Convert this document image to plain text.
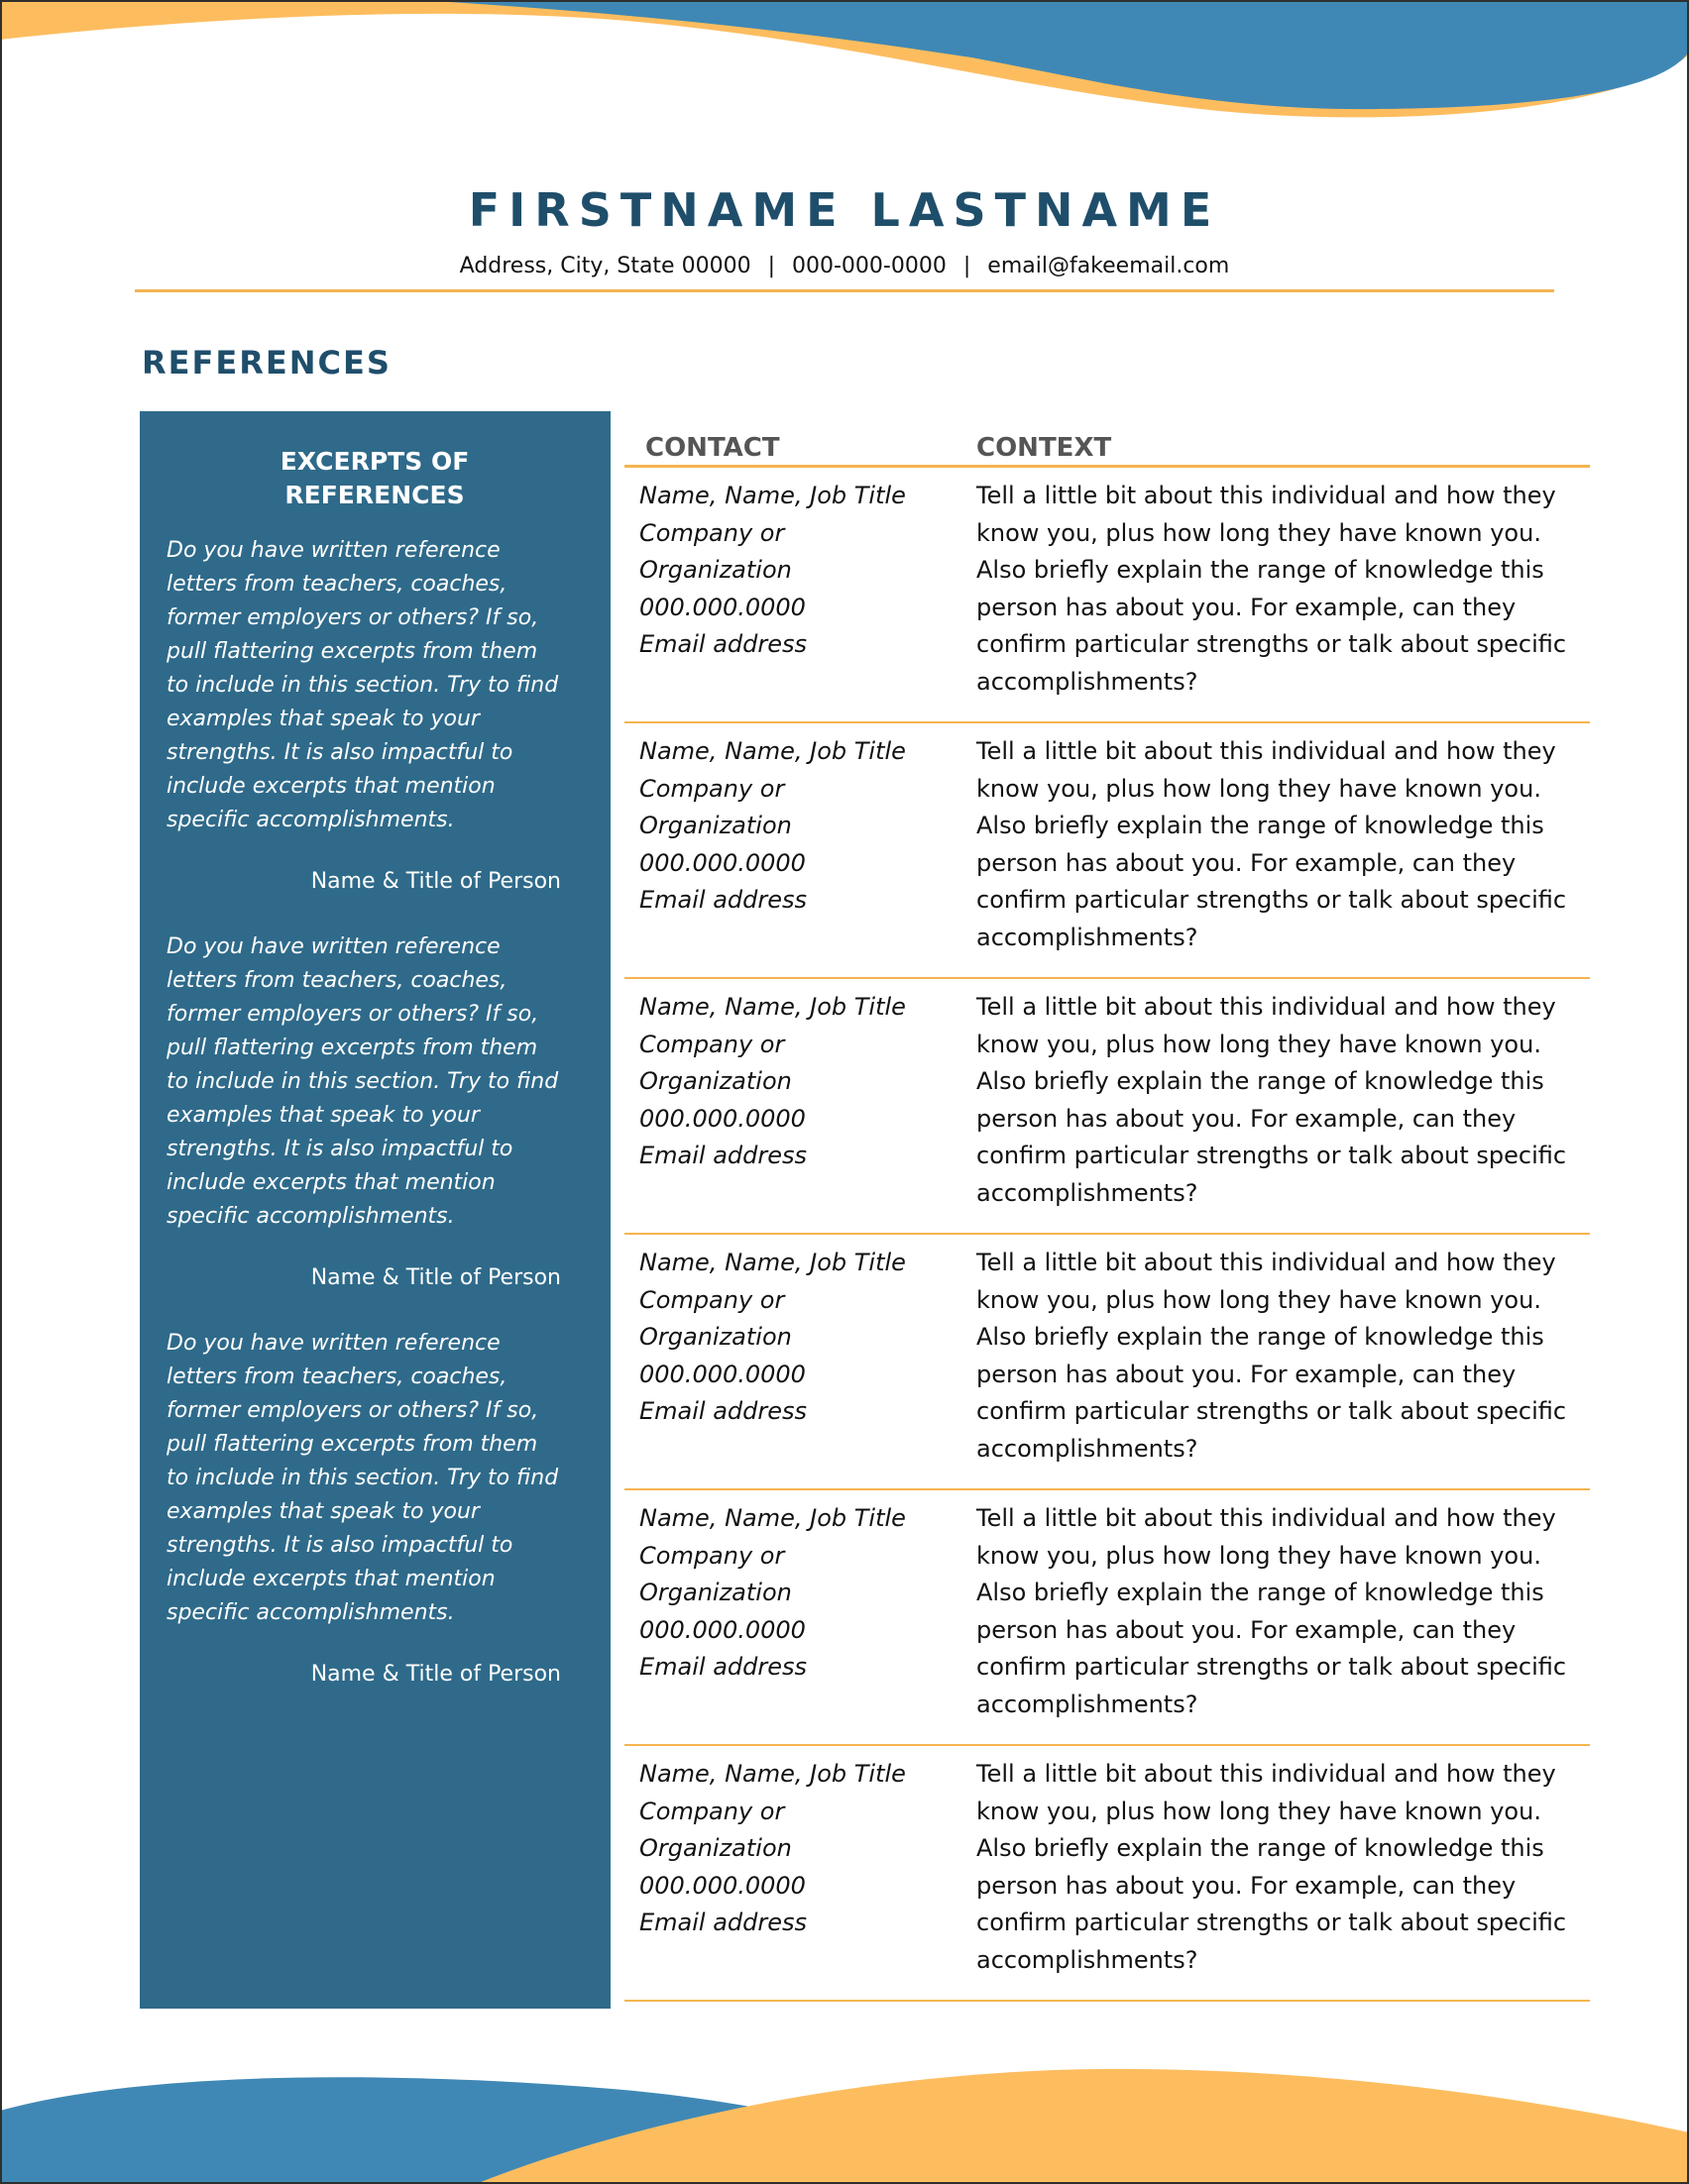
FIRSTNAME LASTNAME
Address, City, State 00000 | 000-000-0000 | email@fakeemail.com
REFERENCES
EXCERPTS OF REFERENCES
Do you have written reference letters from teachers, coaches, former employers or others? If so, pull flattering excerpts from them to include in this section. Try to find examples that speak to your strengths. It is also impactful to include excerpts that mention specific accomplishments.
Name & Title of Person
Do you have written reference letters from teachers, coaches, former employers or others? If so, pull flattering excerpts from them to include in this section. Try to find examples that speak to your strengths. It is also impactful to include excerpts that mention specific accomplishments.
Name & Title of Person
Do you have written reference letters from teachers, coaches, former employers or others? If so, pull flattering excerpts from them to include in this section. Try to find examples that speak to your strengths. It is also impactful to include excerpts that mention specific accomplishments.
Name & Title of Person
CONTACT	CONTEXT
Name, Name, Job Title
Company or
Organization
000.000.0000
Email address
Tell a little bit about this individual and how they know you, plus how long they have known you. Also briefly explain the range of knowledge this person has about you. For example, can they confirm particular strengths or talk about specific accomplishments?
Name, Name, Job Title
Company or
Organization
000.000.0000
Email address
Tell a little bit about this individual and how they know you, plus how long they have known you. Also briefly explain the range of knowledge this person has about you. For example, can they confirm particular strengths or talk about specific accomplishments?
Name, Name, Job Title
Company or
Organization
000.000.0000
Email address
Tell a little bit about this individual and how they know you, plus how long they have known you. Also briefly explain the range of knowledge this person has about you. For example, can they confirm particular strengths or talk about specific accomplishments?
Name, Name, Job Title
Company or
Organization
000.000.0000
Email address
Tell a little bit about this individual and how they know you, plus how long they have known you. Also briefly explain the range of knowledge this person has about you. For example, can they confirm particular strengths or talk about specific accomplishments?
Name, Name, Job Title
Company or
Organization
000.000.0000
Email address
Tell a little bit about this individual and how they know you, plus how long they have known you. Also briefly explain the range of knowledge this person has about you. For example, can they confirm particular strengths or talk about specific accomplishments?
Name, Name, Job Title
Company or
Organization
000.000.0000
Email address
Tell a little bit about this individual and how they know you, plus how long they have known you. Also briefly explain the range of knowledge this person has about you. For example, can they confirm particular strengths or talk about specific accomplishments?
